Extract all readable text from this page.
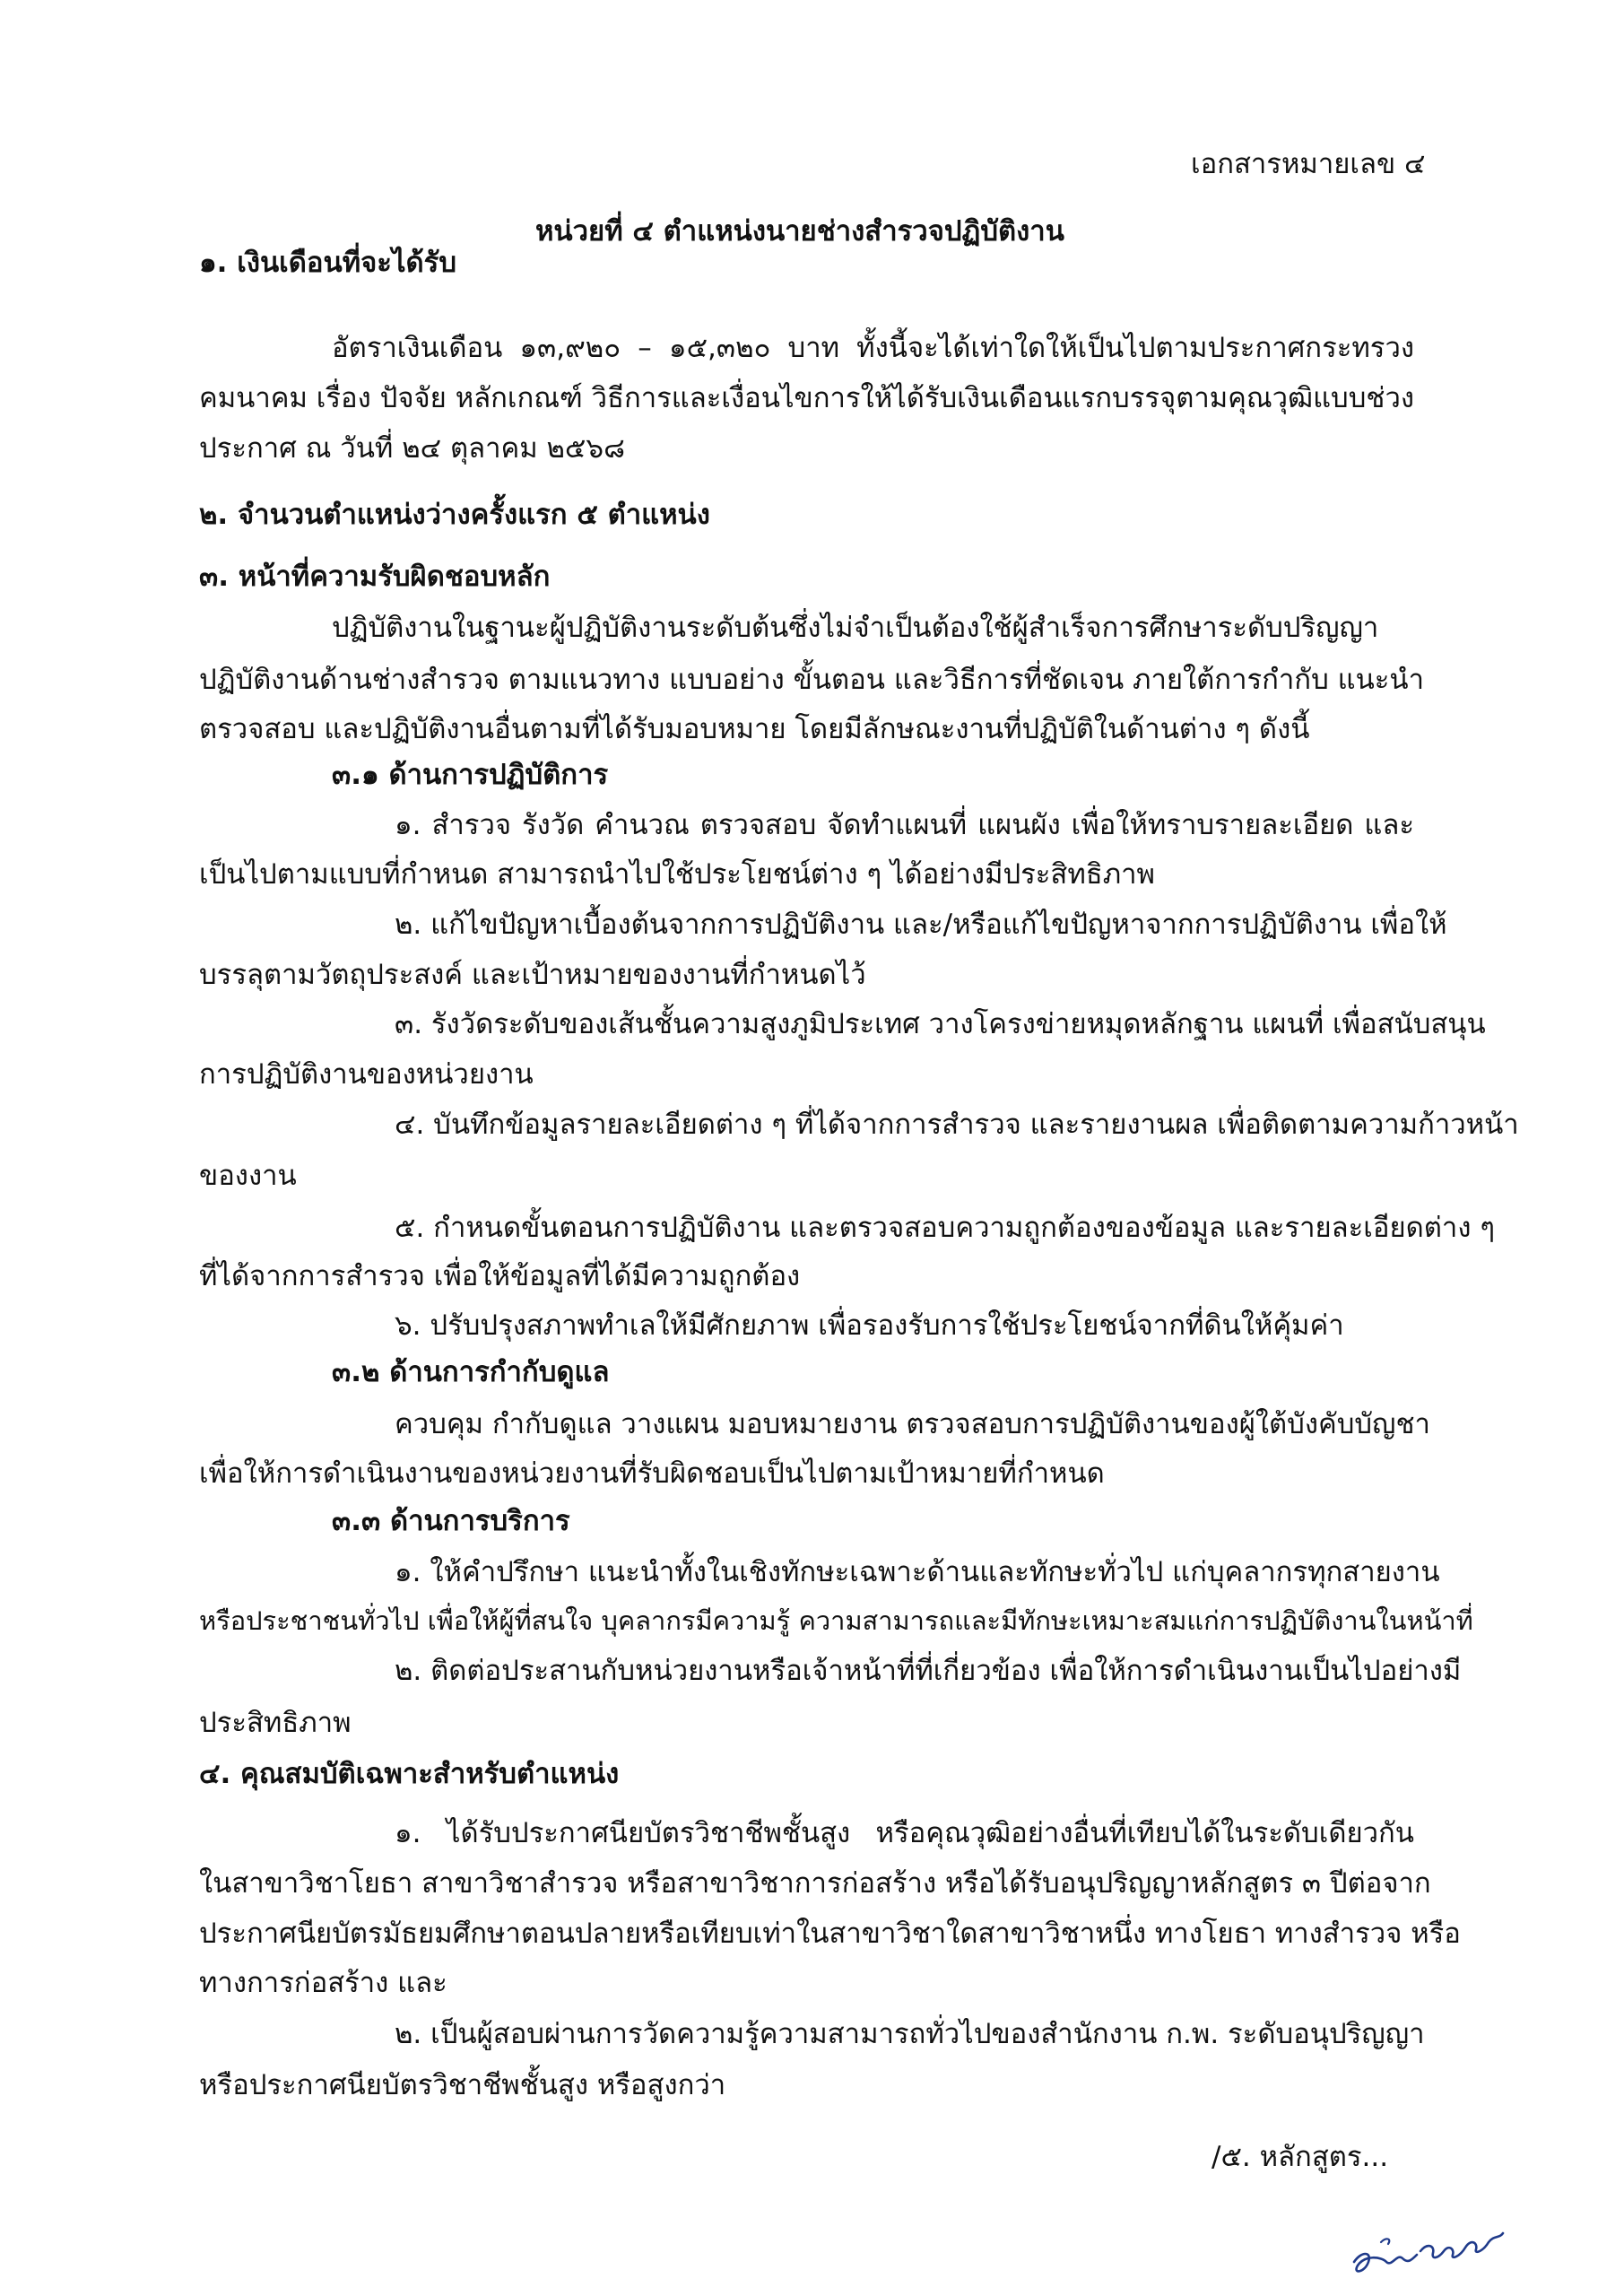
เอกสารหมายเลข ๔
หน่วยที่ ๔ ตำแหน่งนายช่างสำรวจปฏิบัติงาน
๑. เงินเดือนที่จะได้รับ
อัตราเงินเดือน ๑๓,๙๒๐ – ๑๕,๓๒๐ บาท ทั้งนี้จะได้เท่าใดให้เป็นไปตามประกาศกระทรวง
คมนาคม เรื่อง ปัจจัย หลักเกณฑ์ วิธีการและเงื่อนไขการให้ได้รับเงินเดือนแรกบรรจุตามคุณวุฒิแบบช่วง
ประกาศ ณ วันที่ ๒๔ ตุลาคม ๒๕๖๘
๒. จำนวนตำแหน่งว่างครั้งแรก ๕ ตำแหน่ง
๓. หน้าที่ความรับผิดชอบหลัก
ปฏิบัติงานในฐานะผู้ปฏิบัติงานระดับต้นซึ่งไม่จำเป็นต้องใช้ผู้สำเร็จการศึกษาระดับปริญญา
ปฏิบัติงานด้านช่างสำรวจ ตามแนวทาง แบบอย่าง ขั้นตอน และวิธีการที่ชัดเจน ภายใต้การกำกับ แนะนำ
ตรวจสอบ และปฏิบัติงานอื่นตามที่ได้รับมอบหมาย โดยมีลักษณะงานที่ปฏิบัติในด้านต่าง ๆ ดังนี้
๓.๑ ด้านการปฏิบัติการ
๑. สำรวจ รังวัด คำนวณ ตรวจสอบ จัดทำแผนที่ แผนผัง เพื่อให้ทราบรายละเอียด และ
เป็นไปตามแบบที่กำหนด สามารถนำไปใช้ประโยชน์ต่าง ๆ ได้อย่างมีประสิทธิภาพ
๒. แก้ไขปัญหาเบื้องต้นจากการปฏิบัติงาน และ/หรือแก้ไขปัญหาจากการปฏิบัติงาน เพื่อให้
บรรลุตามวัตถุประสงค์ และเป้าหมายของงานที่กำหนดไว้
๓. รังวัดระดับของเส้นชั้นความสูงภูมิประเทศ วางโครงข่ายหมุดหลักฐาน แผนที่ เพื่อสนับสนุน
การปฏิบัติงานของหน่วยงาน
๔. บันทึกข้อมูลรายละเอียดต่าง ๆ ที่ได้จากการสำรวจ และรายงานผล เพื่อติดตามความก้าวหน้า
ของงาน
๕. กำหนดขั้นตอนการปฏิบัติงาน และตรวจสอบความถูกต้องของข้อมูล และรายละเอียดต่าง ๆ
ที่ได้จากการสำรวจ เพื่อให้ข้อมูลที่ได้มีความถูกต้อง
๖. ปรับปรุงสภาพทำเลให้มีศักยภาพ เพื่อรองรับการใช้ประโยชน์จากที่ดินให้คุ้มค่า
๓.๒ ด้านการกำกับดูแล
ควบคุม กำกับดูแล วางแผน มอบหมายงาน ตรวจสอบการปฏิบัติงานของผู้ใต้บังคับบัญชา
เพื่อให้การดำเนินงานของหน่วยงานที่รับผิดชอบเป็นไปตามเป้าหมายที่กำหนด
๓.๓ ด้านการบริการ
๑. ให้คำปรึกษา แนะนำทั้งในเชิงทักษะเฉพาะด้านและทักษะทั่วไป แก่บุคลากรทุกสายงาน
หรือประชาชนทั่วไป เพื่อให้ผู้ที่สนใจ บุคลากรมีความรู้ ความสามารถและมีทักษะเหมาะสมแก่การปฏิบัติงานในหน้าที่
๒. ติดต่อประสานกับหน่วยงานหรือเจ้าหน้าที่ที่เกี่ยวข้อง เพื่อให้การดำเนินงานเป็นไปอย่างมี
ประสิทธิภาพ
๔. คุณสมบัติเฉพาะสำหรับตำแหน่ง
๑. ได้รับประกาศนียบัตรวิชาชีพชั้นสูง หรือคุณวุฒิอย่างอื่นที่เทียบได้ในระดับเดียวกัน
ในสาขาวิชาโยธา สาขาวิชาสำรวจ หรือสาขาวิชาการก่อสร้าง หรือได้รับอนุปริญญาหลักสูตร ๓ ปีต่อจาก
ประกาศนียบัตรมัธยมศึกษาตอนปลายหรือเทียบเท่าในสาขาวิชาใดสาขาวิชาหนึ่ง ทางโยธา ทางสำรวจ หรือ
ทางการก่อสร้าง และ
๒. เป็นผู้สอบผ่านการวัดความรู้ความสามารถทั่วไปของสำนักงาน ก.พ. ระดับอนุปริญญา
หรือประกาศนียบัตรวิชาชีพชั้นสูง หรือสูงกว่า
/๕. หลักสูตร...
